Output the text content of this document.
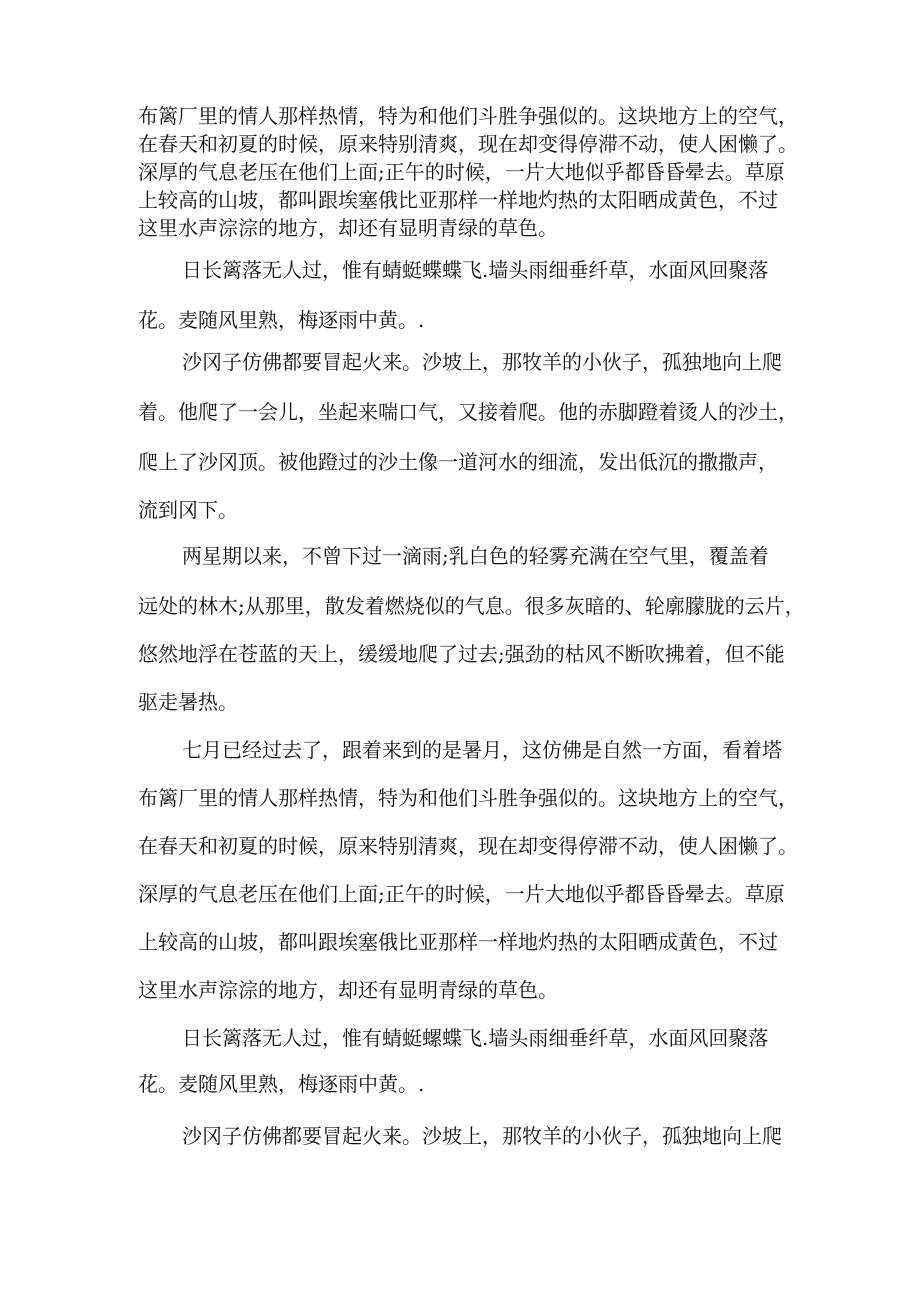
布篱厂里的情人那样热情，特为和他们斗胜争强似的。这块地方上的空气，
在春天和初夏的时候，原来特别清爽，现在却变得停滞不动，使人困懒了。
深厚的气息老压在他们上面;正午的时候，一片大地似乎都昏昏晕去。草原
上较高的山坡，都叫跟埃塞俄比亚那样一样地灼热的太阳晒成黄色，不过
这里水声淙淙的地方，却还有显明青绿的草色。
日长篱落无人过，惟有蜻蜓蝶蝶飞.墙头雨细垂纤草，水面风回聚落
花。麦随风里熟，梅逐雨中黄。.
沙冈子仿佛都要冒起火来。沙坡上，那牧羊的小伙子，孤独地向上爬
着。他爬了一会儿，坐起来喘口气，又接着爬。他的赤脚蹬着烫人的沙土，
爬上了沙冈顶。被他蹬过的沙土像一道河水的细流，发出低沉的撒撒声，
流到冈下。
两星期以来，不曾下过一滴雨;乳白色的轻雾充满在空气里，覆盖着
远处的林木;从那里，散发着燃烧似的气息。很多灰暗的、轮廓朦胧的云片，
悠然地浮在苍蓝的天上，缓缓地爬了过去;强劲的枯风不断吹拂着，但不能
驱走暑热。
七月已经过去了，跟着来到的是暑月，这仿佛是自然一方面，看着塔
布篱厂里的情人那样热情，特为和他们斗胜争强似的。这块地方上的空气，
在春天和初夏的时候，原来特别清爽，现在却变得停滞不动，使人困懒了。
深厚的气息老压在他们上面;正午的时候，一片大地似乎都昏昏晕去。草原
上较高的山坡，都叫跟埃塞俄比亚那样一样地灼热的太阳晒成黄色，不过
这里水声淙淙的地方，却还有显明青绿的草色。
日长篱落无人过，惟有蜻蜓螺蝶飞.墙头雨细垂纤草，水面风回聚落
花。麦随风里熟，梅逐雨中黄。.
沙冈子仿佛都要冒起火来。沙坡上，那牧羊的小伙子，孤独地向上爬
